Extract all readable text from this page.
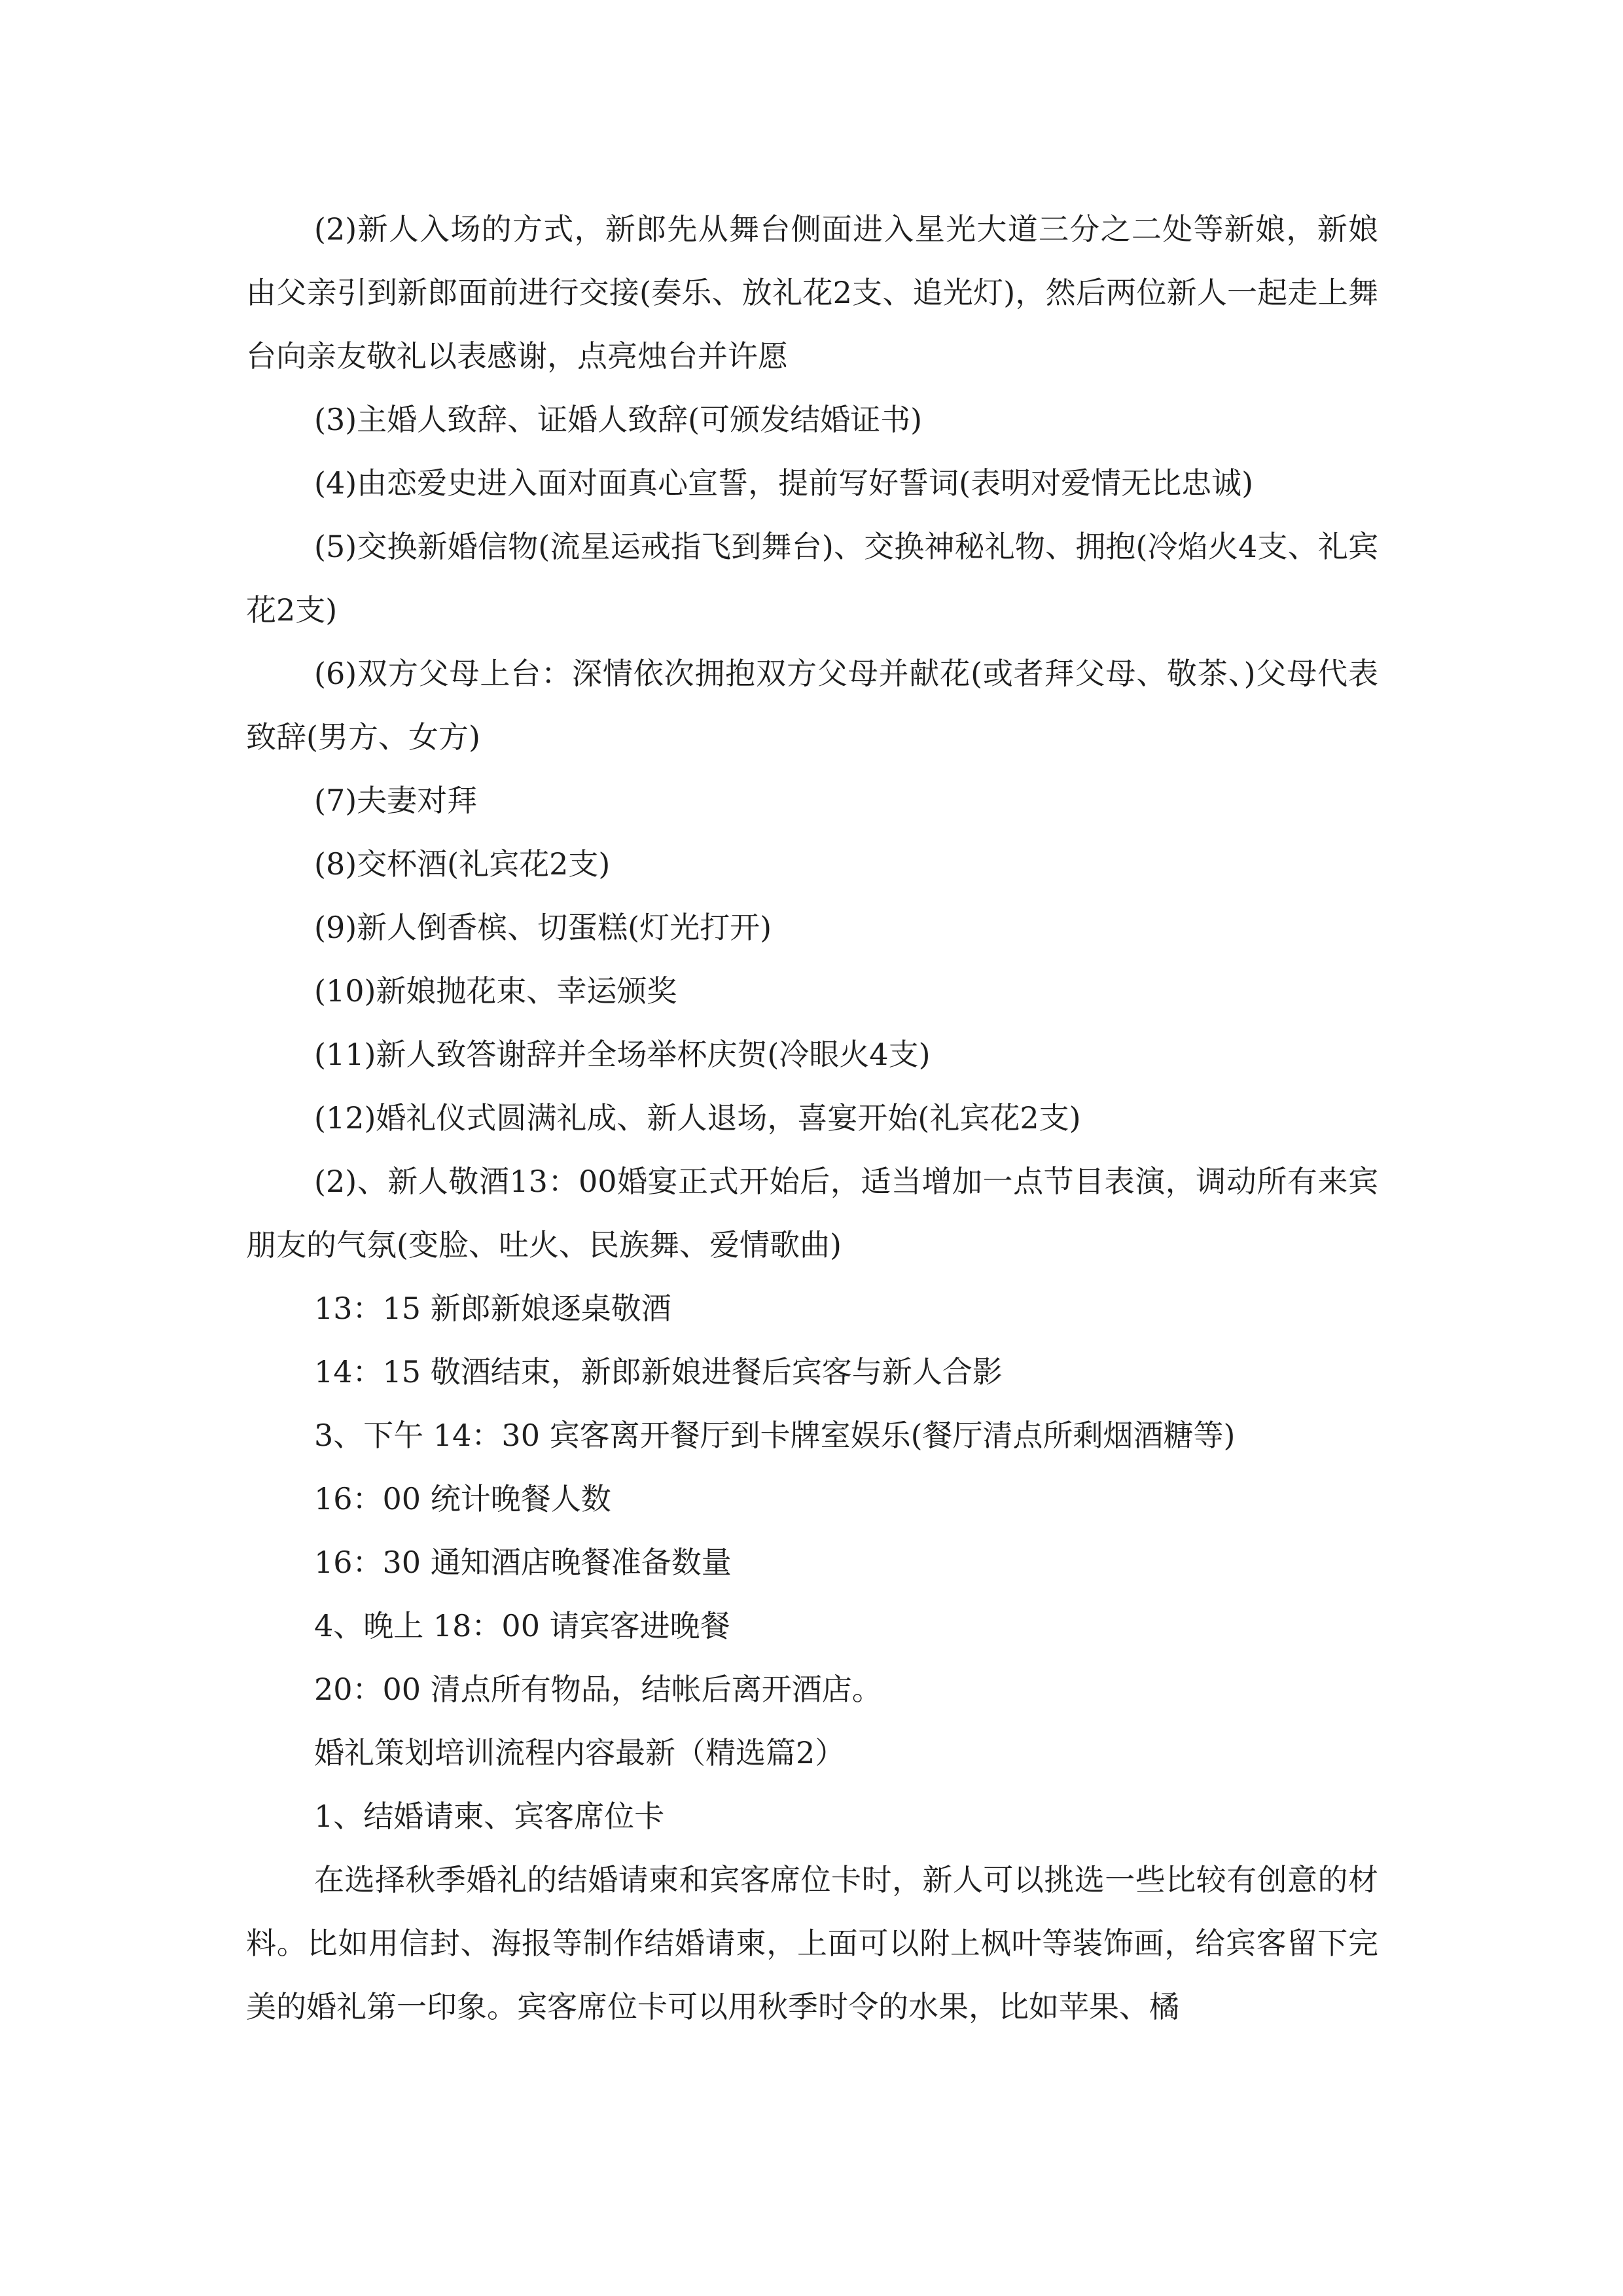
(2)新人入场的方式，新郎先从舞台侧面进入星光大道三分之二处等新娘，新娘由父亲引到新郎面前进行交接(奏乐、放礼花2支、追光灯)，然后两位新人一起走上舞台向亲友敬礼以表感谢，点亮烛台并许愿

(3)主婚人致辞、证婚人致辞(可颁发结婚证书)

(4)由恋爱史进入面对面真心宣誓，提前写好誓词(表明对爱情无比忠诚)

(5)交换新婚信物(流星运戒指飞到舞台)、交换神秘礼物、拥抱(冷焰火4支、礼宾花2支)

(6)双方父母上台：深情依次拥抱双方父母并献花(或者拜父母、敬茶、)父母代表致辞(男方、女方)

(7)夫妻对拜

(8)交杯酒(礼宾花2支)

(9)新人倒香槟、切蛋糕(灯光打开)

(10)新娘抛花束、幸运颁奖

(11)新人致答谢辞并全场举杯庆贺(冷眼火4支)

(12)婚礼仪式圆满礼成、新人退场，喜宴开始(礼宾花2支)

(2)、新人敬酒13：00婚宴正式开始后，适当增加一点节目表演，调动所有来宾朋友的气氛(变脸、吐火、民族舞、爱情歌曲)

13：15 新郎新娘逐桌敬酒

14：15 敬酒结束，新郎新娘进餐后宾客与新人合影

3、下午 14：30 宾客离开餐厅到卡牌室娱乐(餐厅清点所剩烟酒糖等)

16：00 统计晚餐人数

16：30 通知酒店晚餐准备数量

4、晚上 18：00 请宾客进晚餐

20：00 清点所有物品，结帐后离开酒店。

婚礼策划培训流程内容最新（精选篇2）

1、结婚请柬、宾客席位卡

在选择秋季婚礼的结婚请柬和宾客席位卡时，新人可以挑选一些比较有创意的材料。比如用信封、海报等制作结婚请柬，上面可以附上枫叶等装饰画，给宾客留下完美的婚礼第一印象。宾客席位卡可以用秋季时令的水果，比如苹果、橘
